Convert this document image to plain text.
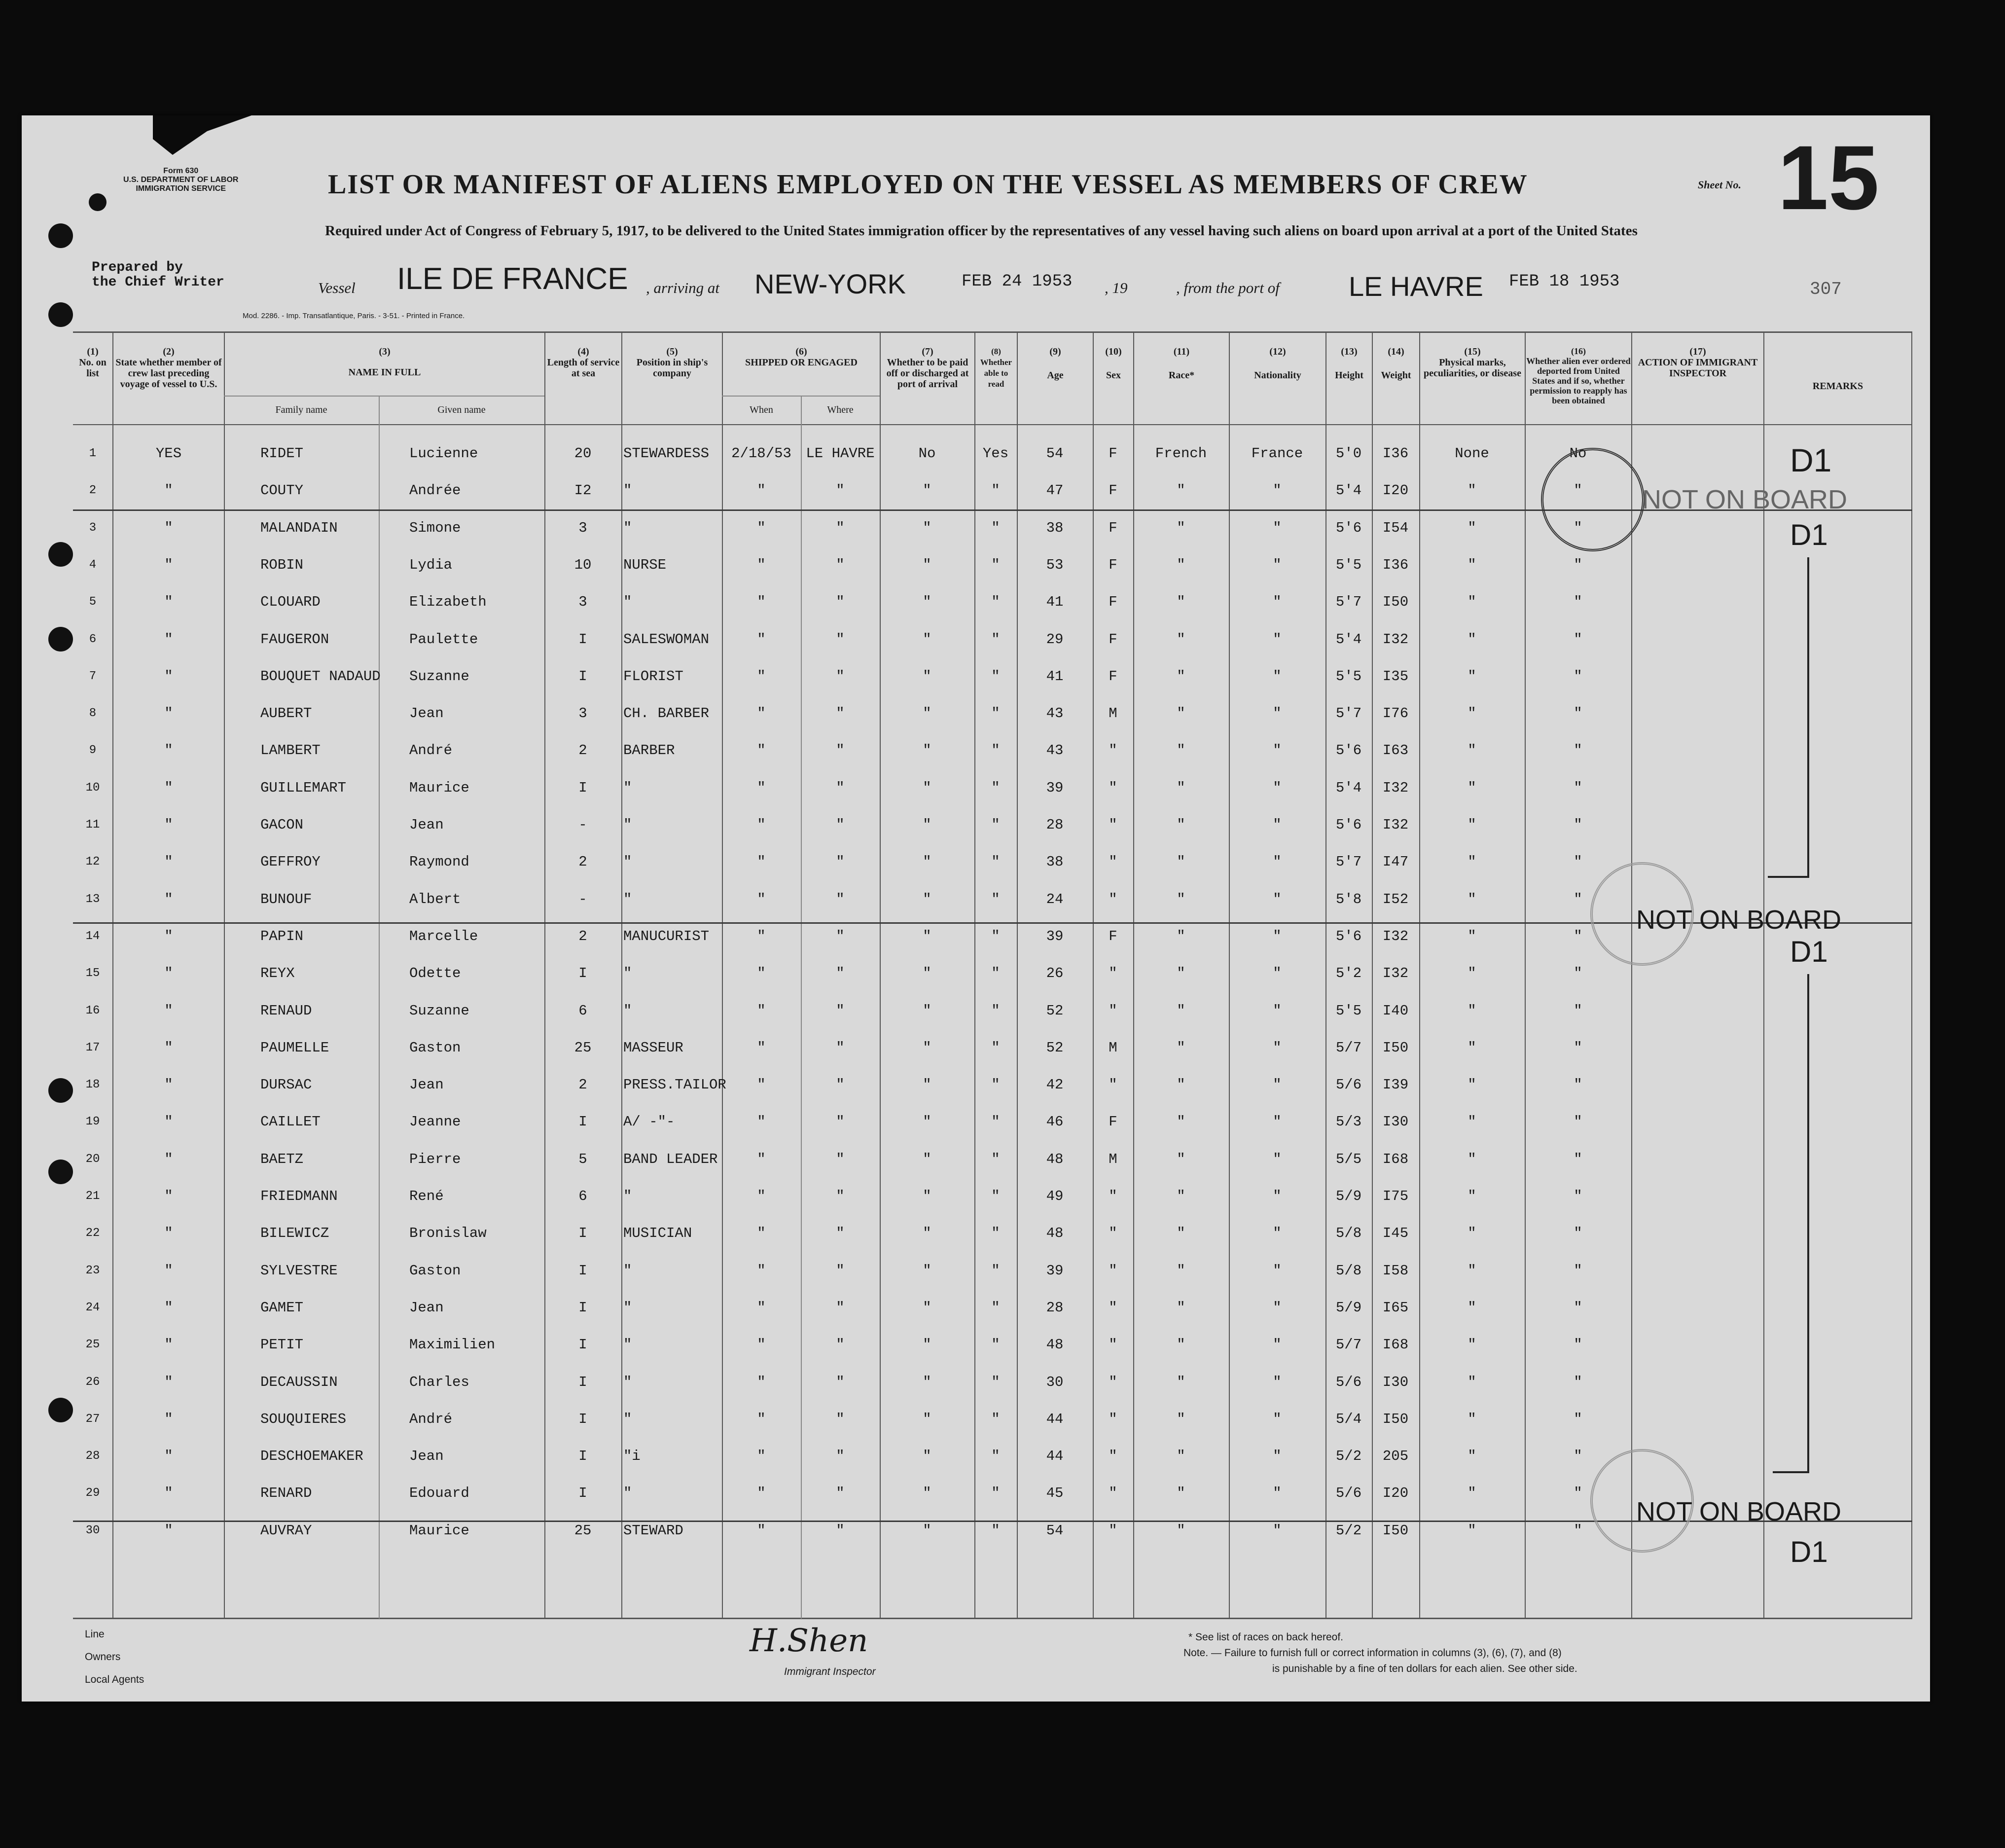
Form 630
U.S. DEPARTMENT OF LABOR
IMMIGRATION SERVICE	LIST OR MANIFEST OF ALIENS EMPLOYED ON THE VESSEL AS MEMBERS OF CREW	Sheet No. 15
Required under Act of Congress of February 5, 1917, to be delivered to the United States immigration officer by the representatives of any vessel having such aliens on board upon arrival at a port of the United States
Prepared by
the Chief Writer	Vessel ILE DE FRANCE , arriving at NEW-YORK	FEB 24 1953 , 19	, from the port of	LE HAVRE FEB 18 1953	307
Mod. 2286. - Imp. Transatlantique, Paris. - 3-51. - Printed in France.
(1)
No. on list
(2)
State whether member of crew last preceding voyage of vessel to U.S.
(3)
NAME IN FULL
Family name	Given name
(4)
Length of service at sea
(5)
Position in ship's company
(6)
SHIPPED OR ENGAGED
When	Where
(7)
Whether to be paid off or discharged at port of arrival
(8)
Whether able to read
(9)
Age
(10)
Sex
(11)
Race*
(12)
Nationality
(13)
Height
(14)
Weight
(15)
Physical marks, peculiarities, or disease
(16)
Whether alien ever ordered deported from United States and if so, whether permission to reapply has been obtained
(17)
ACTION OF IMMIGRANT INSPECTOR
REMARKS
1	YES	RIDET	Lucienne	20	STEWARDESS	2/18/53	LE HAVRE	No	Yes	54	F	French	France	5'0	I36	None	No
2	"	COUTY	Andrée	I2	"	"	"	"	"	47	F	"	"	5'4	I20	"	"
3	"	MALANDAIN	Simone	3	"	"	"	"	"	38	F	"	"	5'6	I54	"	"
4	"	ROBIN	Lydia	10	NURSE	"	"	"	"	53	F	"	"	5'5	I36	"	"
5	"	CLOUARD	Elizabeth	3	"	"	"	"	"	41	F	"	"	5'7	I50	"	"
6	"	FAUGERON	Paulette	I	SALESWOMAN	"	"	"	"	29	F	"	"	5'4	I32	"	"
7	"	BOUQUET NADAUD	Suzanne	I	FLORIST	"	"	"	"	41	F	"	"	5'5	I35	"	"
8	"	AUBERT	Jean	3	CH. BARBER	"	"	"	"	43	M	"	"	5'7	I76	"	"
9	"	LAMBERT	André	2	BARBER	"	"	"	"	43	"	"	"	5'6	I63	"	"
10	"	GUILLEMART	Maurice	I	"	"	"	"	"	39	"	"	"	5'4	I32	"	"
11	"	GACON	Jean	-	"	"	"	"	"	28	"	"	"	5'6	I32	"	"
12	"	GEFFROY	Raymond	2	"	"	"	"	"	38	"	"	"	5'7	I47	"	"
13	"	BUNOUF	Albert	-	"	"	"	"	"	24	"	"	"	5'8	I52	"	"
14	"	PAPIN	Marcelle	2	MANUCURIST	"	"	"	"	39	F	"	"	5'6	I32	"	"
15	"	REYX	Odette	I	"	"	"	"	"	26	"	"	"	5'2	I32	"	"
16	"	RENAUD	Suzanne	6	"	"	"	"	"	52	"	"	"	5'5	I40	"	"
17	"	PAUMELLE	Gaston	25	MASSEUR	"	"	"	"	52	M	"	"	5/7	I50	"	"
18	"	DURSAC	Jean	2	PRESS.TAILOR	"	"	"	"	42	"	"	"	5/6	I39	"	"
19	"	CAILLET	Jeanne	I	A/ -"-	"	"	"	"	46	F	"	"	5/3	I30	"	"
20	"	BAETZ	Pierre	5	BAND LEADER	"	"	"	"	48	M	"	"	5/5	I68	"	"
21	"	FRIEDMANN	René	6	"	"	"	"	"	49	"	"	"	5/9	I75	"	"
22	"	BILEWICZ	Bronislaw	I	MUSICIAN	"	"	"	"	48	"	"	"	5/8	I45	"	"
23	"	SYLVESTRE	Gaston	I	"	"	"	"	"	39	"	"	"	5/8	I58	"	"
24	"	GAMET	Jean	I	"	"	"	"	"	28	"	"	"	5/9	I65	"	"
25	"	PETIT	Maximilien	I	"	"	"	"	"	48	"	"	"	5/7	I68	"	"
26	"	DECAUSSIN	Charles	I	"	"	"	"	"	30	"	"	"	5/6	I30	"	"
27	"	SOUQUIERES	André	I	"	"	"	"	"	44	"	"	"	5/4	I50	"	"
28	"	DESCHOEMAKER	Jean	I	"i	"	"	"	"	44	"	"	"	5/2	205	"	"
29	"	RENARD	Edouard	I	"	"	"	"	"	45	"	"	"	5/6	I20	"	"
30	"	AUVRAY	Maurice	25	STEWARD	"	"	"	"	54	"	"	"	5/2	I50	"	"
D1
NOT ON BOARD
D1
NOT ON BOARD
D1
NOT ON BOARD
D1
Line
Owners
Local Agents
H.Shen
Immigrant Inspector
* See list of races on back hereof.
Note. — Failure to furnish full or correct information in columns (3), (6), (7), and (8)
is punishable by a fine of ten dollars for each alien. See other side.
